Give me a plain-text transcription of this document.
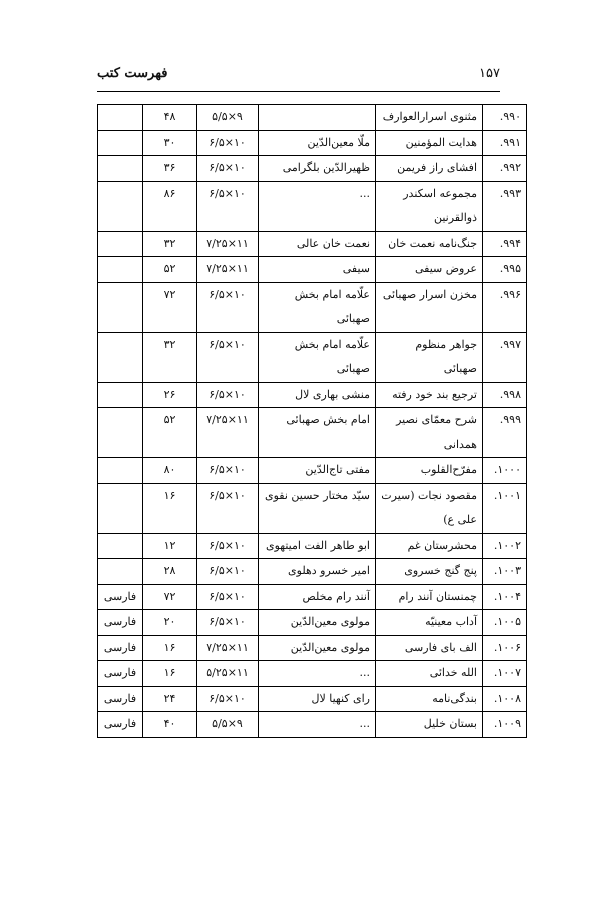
۱۵۷
فهرست کتب
۹۹۰.	مثنوی اسرارالعوارف		۹×۵/۵	۴۸	
۹۹۱.	هدایت المؤمنین	ملّا معین‌الدّین	۱۰×۶/۵	۳۰	
۹۹۲.	افشای راز فریمن	ظهیرالدّین بلگرامی	۱۰×۶/۵	۳۶	
۹۹۳.	مجموعه اسکندر ذوالقرنین	...	۱۰×۶/۵	۸۶	
۹۹۴.	جنگ‌نامه نعمت خان	نعمت خان عالی	۱۱×۷/۲۵	۳۲	
۹۹۵.	عروض سیفی	سیفی	۱۱×۷/۲۵	۵۲	
۹۹۶.	مخزن اسرار صهبائی	علّامه امام بخش صهبائی	۱۰×۶/۵	۷۲	
۹۹۷.	جواهر منظوم صهبائی	علّامه امام بخش صهبائی	۱۰×۶/۵	۳۲	
۹۹۸.	ترجیع بند خود رفته	منشی بهاری لال	۱۰×۶/۵	۲۶	
۹۹۹.	شرح معمّای نصیر همدانی	امام بخش صهبائی	۱۱×۷/۲۵	۵۲	
۱۰۰۰.	مفرّح‌القلوب	مفتی تاج‌الدّین	۱۰×۶/۵	۸۰	
۱۰۰۱.	مقصود نجات (سیرت علی ع)	سیّد مختار حسین نقوی	۱۰×۶/۵	۱۶	
۱۰۰۲.	محشرستان غم	ابو طاهر الفت امیتهوی	۱۰×۶/۵	۱۲	
۱۰۰۳.	پنج گنج خسروی	امیر خسرو دهلوی	۱۰×۶/۵	۲۸	
۱۰۰۴.	چمنستان آنند رام	آنند رام مخلص	۱۰×۶/۵	۷۲	فارسی
۱۰۰۵.	آداب معینیّه	مولوی معین‌الدّین	۱۰×۶/۵	۲۰	فارسی
۱۰۰۶.	الف بای فارسی	مولوی معین‌الدّین	۱۱×۷/۲۵	۱۶	فارسی
۱۰۰۷.	الله خدائی	...	۱۱×۵/۲۵	۱۶	فارسی
۱۰۰۸.	بندگی‌نامه	رای کنهیا لال	۱۰×۶/۵	۲۴	فارسی
۱۰۰۹.	بستان خلیل	...	۹×۵/۵	۴۰	فارسی
